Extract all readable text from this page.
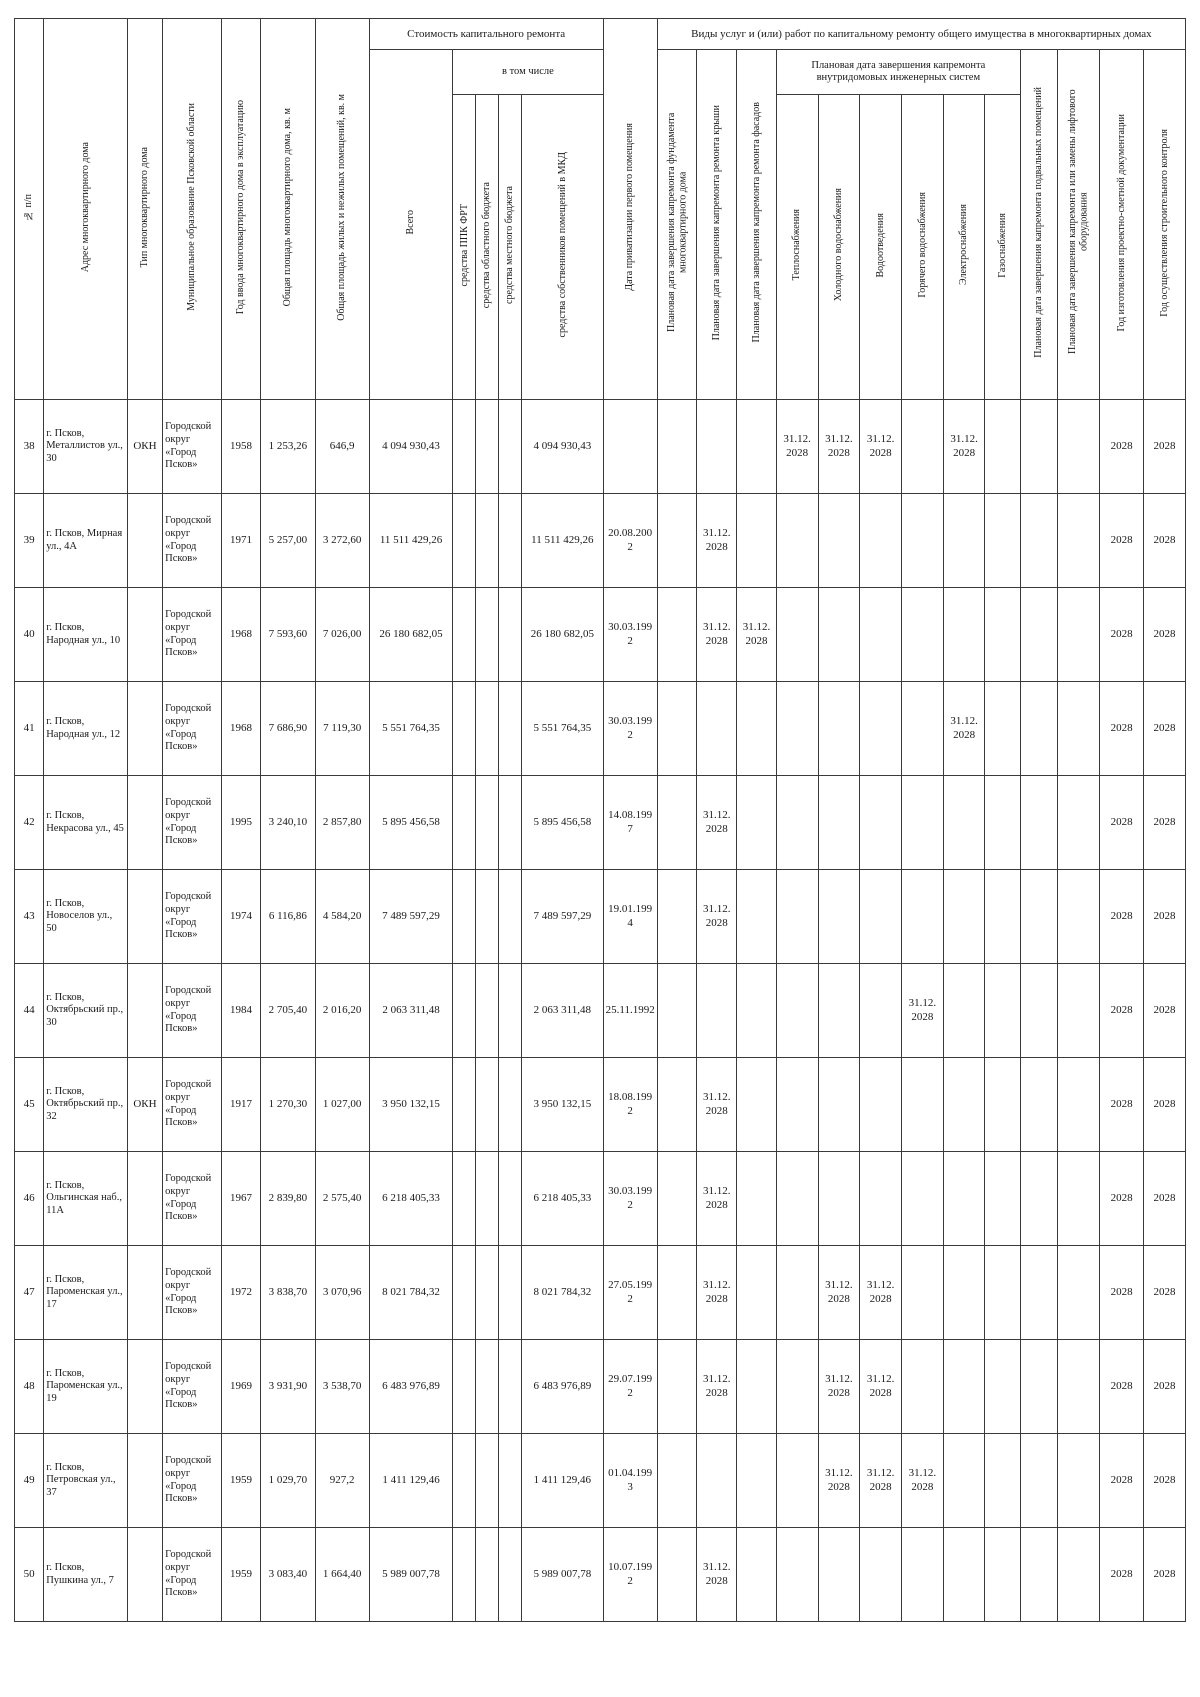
№ п/п	Адрес многоквартирного дома	Тип многоквартирного дома	Муниципальное образование Псковской области	Год ввода многоквартирного дома в эксплуатацию	Общая площадь многоквартирного дома, кв. м	Общая площадь жилых и нежилых помещений, кв. м	Стоимость капитального ремонта					Дата приватизации первого помещения	Виды услуг и (или) работ по капитальному ремонту общего имущества в многоквартирных домах												
							Всего	в том числе					Плановая дата завершения капремонта фундамента многоквартирного дома	Плановая дата завершения капремонта ремонта крыши	Плановая дата завершения капремонта ремонта фасадов	Плановая дата завершения капремонта внутридомовых инженерных систем						Плановая дата завершения капремонта подвальных помещений	Плановая дата завершения капремонта или замены лифтового оборудования	Год изготовления проектно-сметной документации	Год осуществления строительного контроля
								средства ППК ФРТ	средства областного бюджета	средства местного бюджета	средства собственников помещений в МКД					Теплоснабжения	Холодного водоснабжения	Водоотведения	Горячего водоснабжения	Электроснабжения	Газоснабжения				
38	г. Псков, Металлистов ул., 30	ОКН	Городской округ «Город Псков»	1958	1 253,26	646,9	4 094 930,43				4 094 930,43					31.12. 2028	31.12. 2028	31.12. 2028		31.12. 2028				2028	2028
39	г. Псков, Мирная ул., 4А		Городской округ «Город Псков»	1971	5 257,00	3 272,60	11 511 429,26				11 511 429,26	20.08.2002		31.12. 2028										2028	2028
40	г. Псков, Народная ул., 10		Городской округ «Город Псков»	1968	7 593,60	7 026,00	26 180 682,05				26 180 682,05	30.03.1992		31.12. 2028	31.12. 2028									2028	2028
41	г. Псков, Народная ул., 12		Городской округ «Город Псков»	1968	7 686,90	7 119,30	5 551 764,35				5 551 764,35	30.03.1992								31.12. 2028				2028	2028
42	г. Псков, Некрасова ул., 45		Городской округ «Город Псков»	1995	3 240,10	2 857,80	5 895 456,58				5 895 456,58	14.08.1997		31.12. 2028										2028	2028
43	г. Псков, Новоселов ул., 50		Городской округ «Город Псков»	1974	6 116,86	4 584,20	7 489 597,29				7 489 597,29	19.01.1994		31.12. 2028										2028	2028
44	г. Псков, Октябрьский пр., 30		Городской округ «Город Псков»	1984	2 705,40	2 016,20	2 063 311,48				2 063 311,48	25.11.1992							31.12. 2028					2028	2028
45	г. Псков, Октябрьский пр., 32	ОКН	Городской округ «Город Псков»	1917	1 270,30	1 027,00	3 950 132,15				3 950 132,15	18.08.1992		31.12. 2028										2028	2028
46	г. Псков, Ольгинская наб., 11А		Городской округ «Город Псков»	1967	2 839,80	2 575,40	6 218 405,33				6 218 405,33	30.03.1992		31.12. 2028										2028	2028
47	г. Псков, Пароменская ул., 17		Городской округ «Город Псков»	1972	3 838,70	3 070,96	8 021 784,32				8 021 784,32	27.05.1992		31.12. 2028			31.12. 2028	31.12. 2028						2028	2028
48	г. Псков, Пароменская ул., 19		Городской округ «Город Псков»	1969	3 931,90	3 538,70	6 483 976,89				6 483 976,89	29.07.1992		31.12. 2028			31.12. 2028	31.12. 2028						2028	2028
49	г. Псков, Петровская ул., 37		Городской округ «Город Псков»	1959	1 029,70	927,2	1 411 129,46				1 411 129,46	01.04.1993					31.12. 2028	31.12. 2028	31.12. 2028					2028	2028
50	г. Псков, Пушкина ул., 7		Городской округ «Город Псков»	1959	3 083,40	1 664,40	5 989 007,78				5 989 007,78	10.07.1992		31.12. 2028										2028	2028
